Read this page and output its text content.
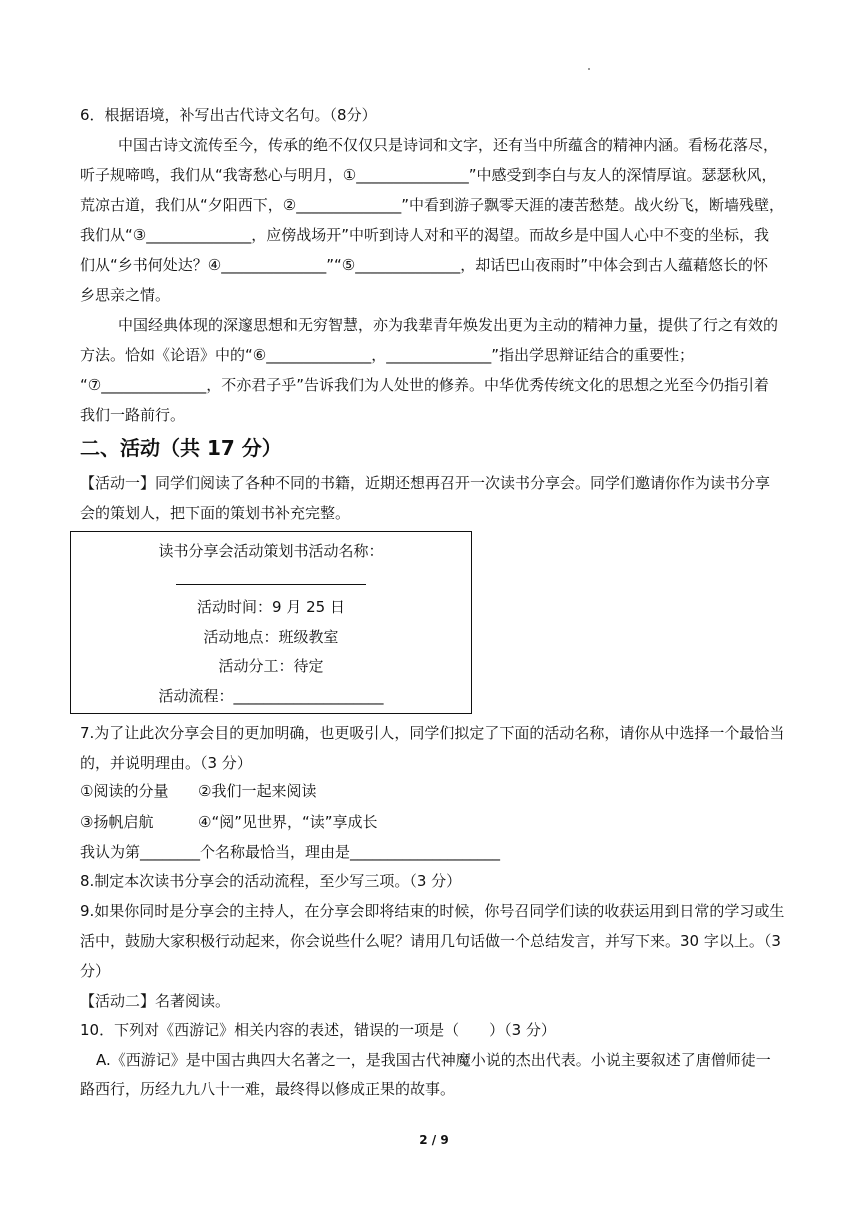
6．根据语境，补写出古代诗文名句。（8分）
中国古诗文流传至今，传承的绝不仅仅只是诗词和文字，还有当中所蕴含的精神内涵。看杨花落尽，
听子规啼鸣，我们从“我寄愁心与明月，①_______________”中感受到李白与友人的深情厚谊。瑟瑟秋风，
荒凉古道，我们从“夕阳西下，②______________”中看到游子飘零天涯的凄苦愁楚。战火纷飞，断墙残壁，
我们从“③______________，应傍战场开”中听到诗人对和平的渴望。而故乡是中国人心中不变的坐标，我
们从“乡书何处达？④______________”“⑤______________，却话巴山夜雨时”中体会到古人蕴藉悠长的怀
乡思亲之情。
中国经典体现的深邃思想和无穷智慧，亦为我辈青年焕发出更为主动的精神力量，提供了行之有效的
方法。恰如《论语》中的“⑥______________，______________”指出学思辩证结合的重要性；
“⑦______________，不亦君子乎”告诉我们为人处世的修养。中华优秀传统文化的思想之光至今仍指引着
我们一路前行。
二、活动（共 17 分）
【活动一】同学们阅读了各种不同的书籍，近期还想再召开一次读书分享会。同学们邀请你作为读书分享
会的策划人，把下面的策划书补充完整。
读书分享会活动策划书活动名称：
活动时间：9 月 25 日
活动地点：班级教室
活动分工：待定
活动流程：____________________
7.为了让此次分享会目的更加明确，也更吸引人，同学们拟定了下面的活动名称，请你从中选择一个最恰当
的，并说明理由。（3 分）
①阅读的分量 ②我们一起来阅读
③扬帆启航	④“阅”见世界，“读”享成长
我认为第________个名称最恰当，理由是____________________
8.制定本次读书分享会的活动流程，至少写三项。（3 分）
9.如果你同时是分享会的主持人，在分享会即将结束的时候，你号召同学们读的收获运用到日常的学习或生
活中，鼓励大家积极行动起来，你会说些什么呢？请用几句话做一个总结发言，并写下来。30 字以上。（3
分）
【活动二】名著阅读。
10．下列对《西游记》相关内容的表述，错误的一项是（　　）（3 分）
A.《西游记》是中国古典四大名著之一，是我国古代神魔小说的杰出代表。小说主要叙述了唐僧师徒一
路西行，历经九九八十一难，最终得以修成正果的故事。
2 / 9
